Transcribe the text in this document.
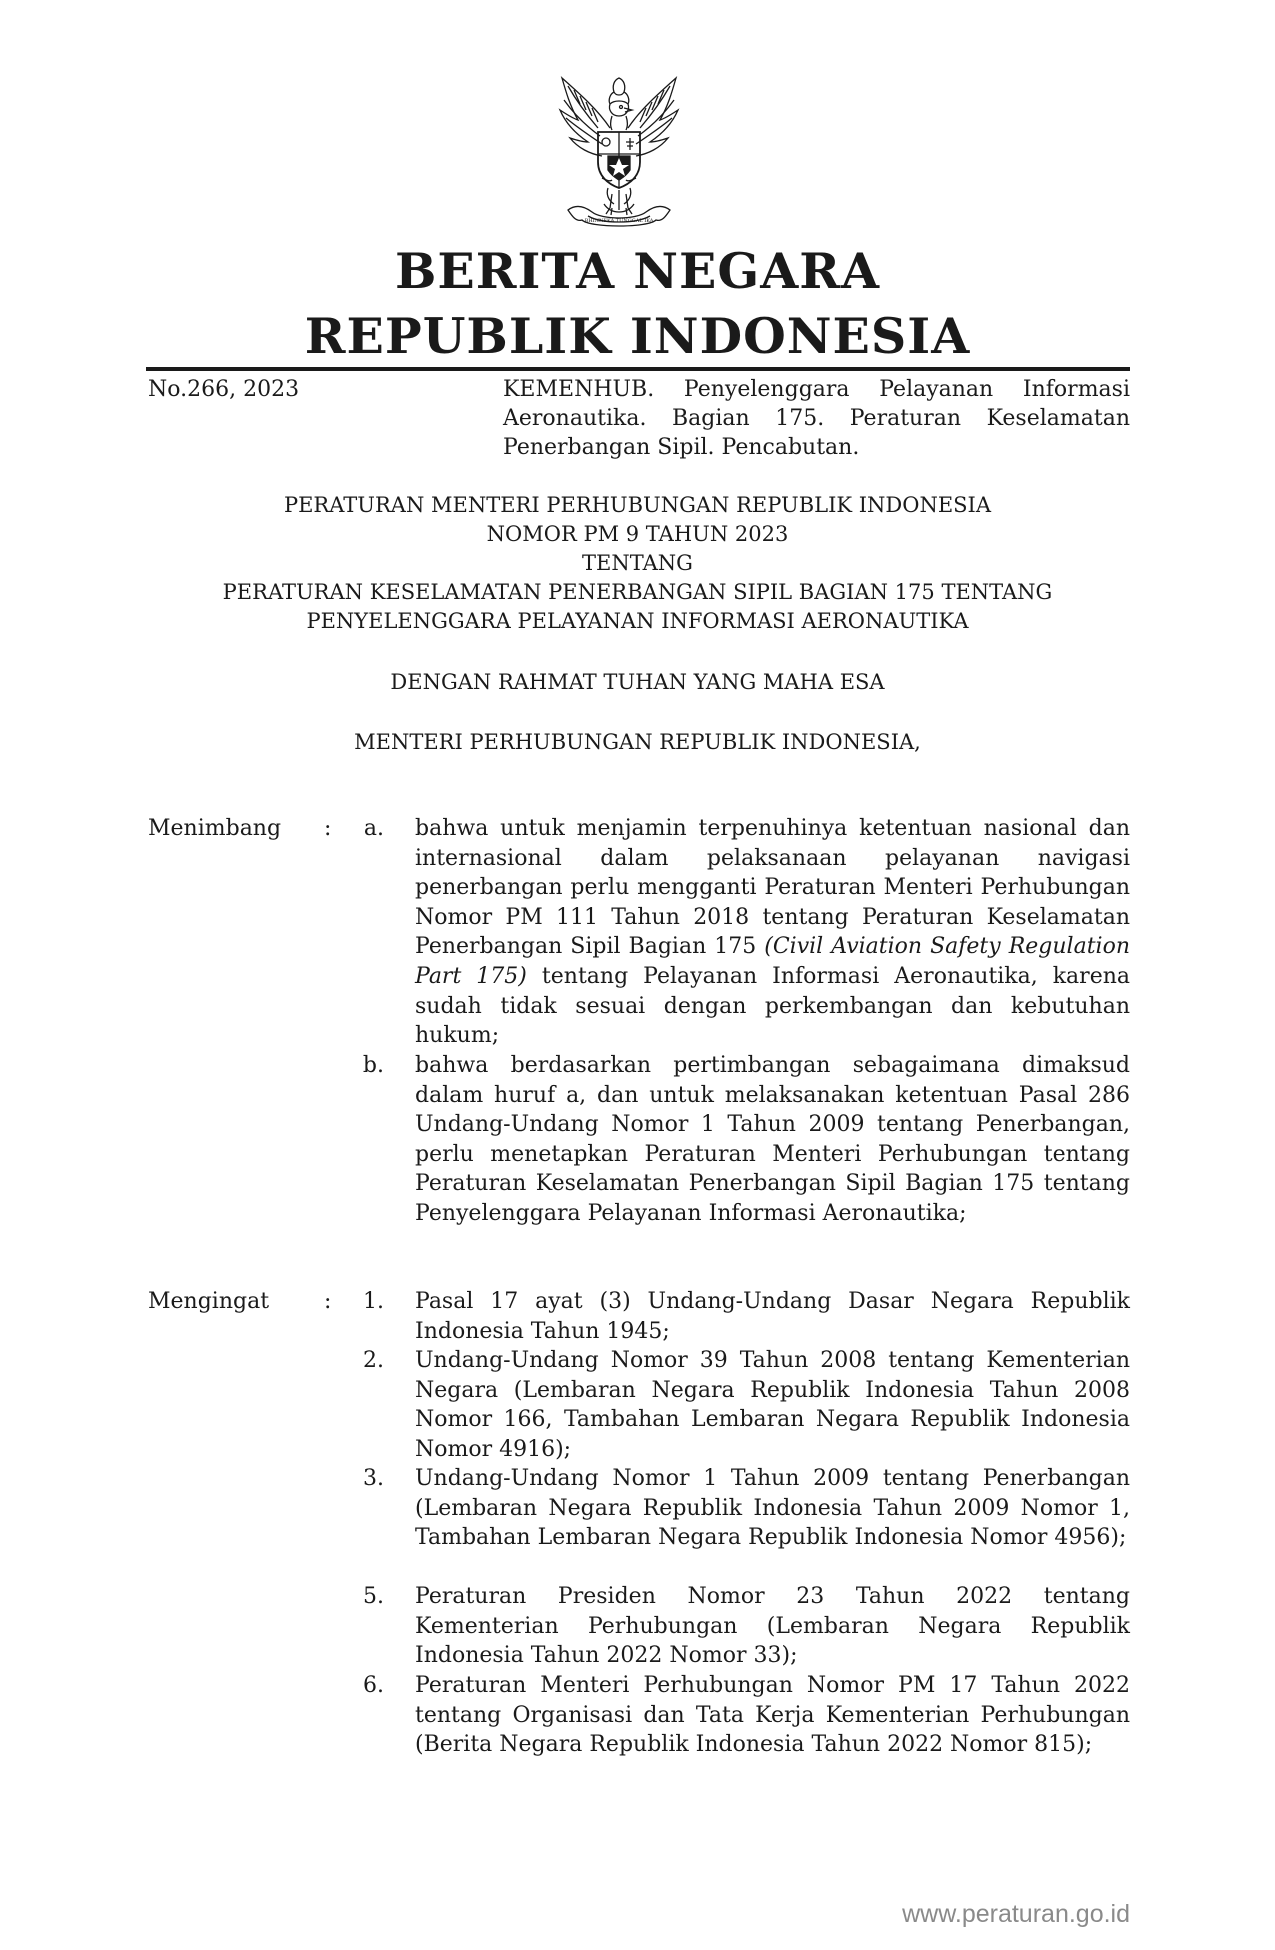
BHINNEKA TUNGGAL IKA
BERITA NEGARA
REPUBLIK INDONESIA
No.266, 2023	KEMENHUB. Penyelenggara Pelayanan Informasi Aeronautika. Bagian 175. Peraturan Keselamatan Penerbangan Sipil. Pencabutan.
PERATURAN MENTERI PERHUBUNGAN REPUBLIK INDONESIA
NOMOR PM 9 TAHUN 2023
TENTANG
PERATURAN KESELAMATAN PENERBANGAN SIPIL BAGIAN 175 TENTANG
PENYELENGGARA PELAYANAN INFORMASI AERONAUTIKA
DENGAN RAHMAT TUHAN YANG MAHA ESA
MENTERI PERHUBUNGAN REPUBLIK INDONESIA,
Menimbang :	a. bahwa untuk menjamin terpenuhinya ketentuan nasional dan internasional dalam pelaksanaan pelayanan navigasi penerbangan perlu mengganti Peraturan Menteri Perhubungan Nomor PM 111 Tahun 2018 tentang Peraturan Keselamatan Penerbangan Sipil Bagian 175 (Civil Aviation Safety Regulation Part 175) tentang Pelayanan Informasi Aeronautika, karena sudah tidak sesuai dengan perkembangan dan kebutuhan hukum;
b. bahwa berdasarkan pertimbangan sebagaimana dimaksud dalam huruf a, dan untuk melaksanakan ketentuan Pasal 286 Undang-Undang Nomor 1 Tahun 2009 tentang Penerbangan, perlu menetapkan Peraturan Menteri Perhubungan tentang Peraturan Keselamatan Penerbangan Sipil Bagian 175 tentang Penyelenggara Pelayanan Informasi Aeronautika;
Mengingat :	1. Pasal 17 ayat (3) Undang-Undang Dasar Negara Republik Indonesia Tahun 1945;
2. Undang-Undang Nomor 39 Tahun 2008 tentang Kementerian Negara (Lembaran Negara Republik Indonesia Tahun 2008 Nomor 166, Tambahan Lembaran Negara Republik Indonesia Nomor 4916);
3. Undang-Undang Nomor 1 Tahun 2009 tentang Penerbangan (Lembaran Negara Republik Indonesia Tahun 2009 Nomor 1, Tambahan Lembaran Negara Republik Indonesia Nomor 4956);
5. Peraturan Presiden Nomor 23 Tahun 2022 tentang Kementerian Perhubungan (Lembaran Negara Republik Indonesia Tahun 2022 Nomor 33);
6. Peraturan Menteri Perhubungan Nomor PM 17 Tahun 2022 tentang Organisasi dan Tata Kerja Kementerian Perhubungan (Berita Negara Republik Indonesia Tahun 2022 Nomor 815);
www.peraturan.go.id
